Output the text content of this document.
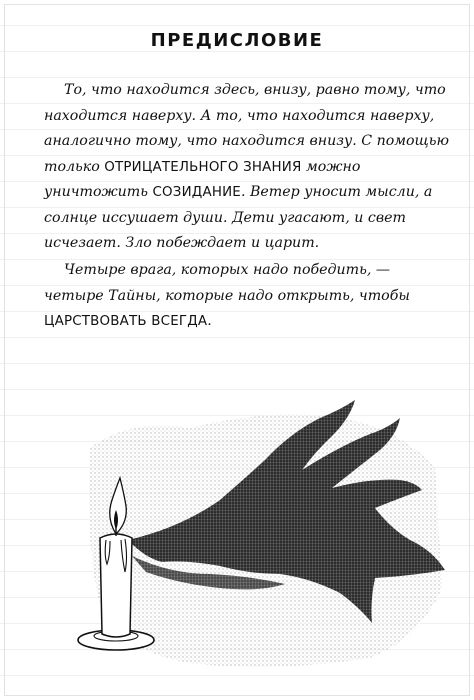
ПРЕДИСЛОВИЕ
То, что находится здесь, внизу, равно тому, что находится наверху. А то, что находится наверху, аналогично тому, что находится внизу. С помощью только ОТРИЦАТЕЛЬНОГО ЗНАНИЯ можно уничтожить СОЗИДАНИЕ. Ветер уносит мысли, а солнце иссушает души. Дети угасают, и свет исчезает. Зло побеждает и царит.
Четыре врага, которых надо победить, — четыре Тайны, которые надо открыть, чтобы ЦАРСТВОВАТЬ ВСЕГДА.
